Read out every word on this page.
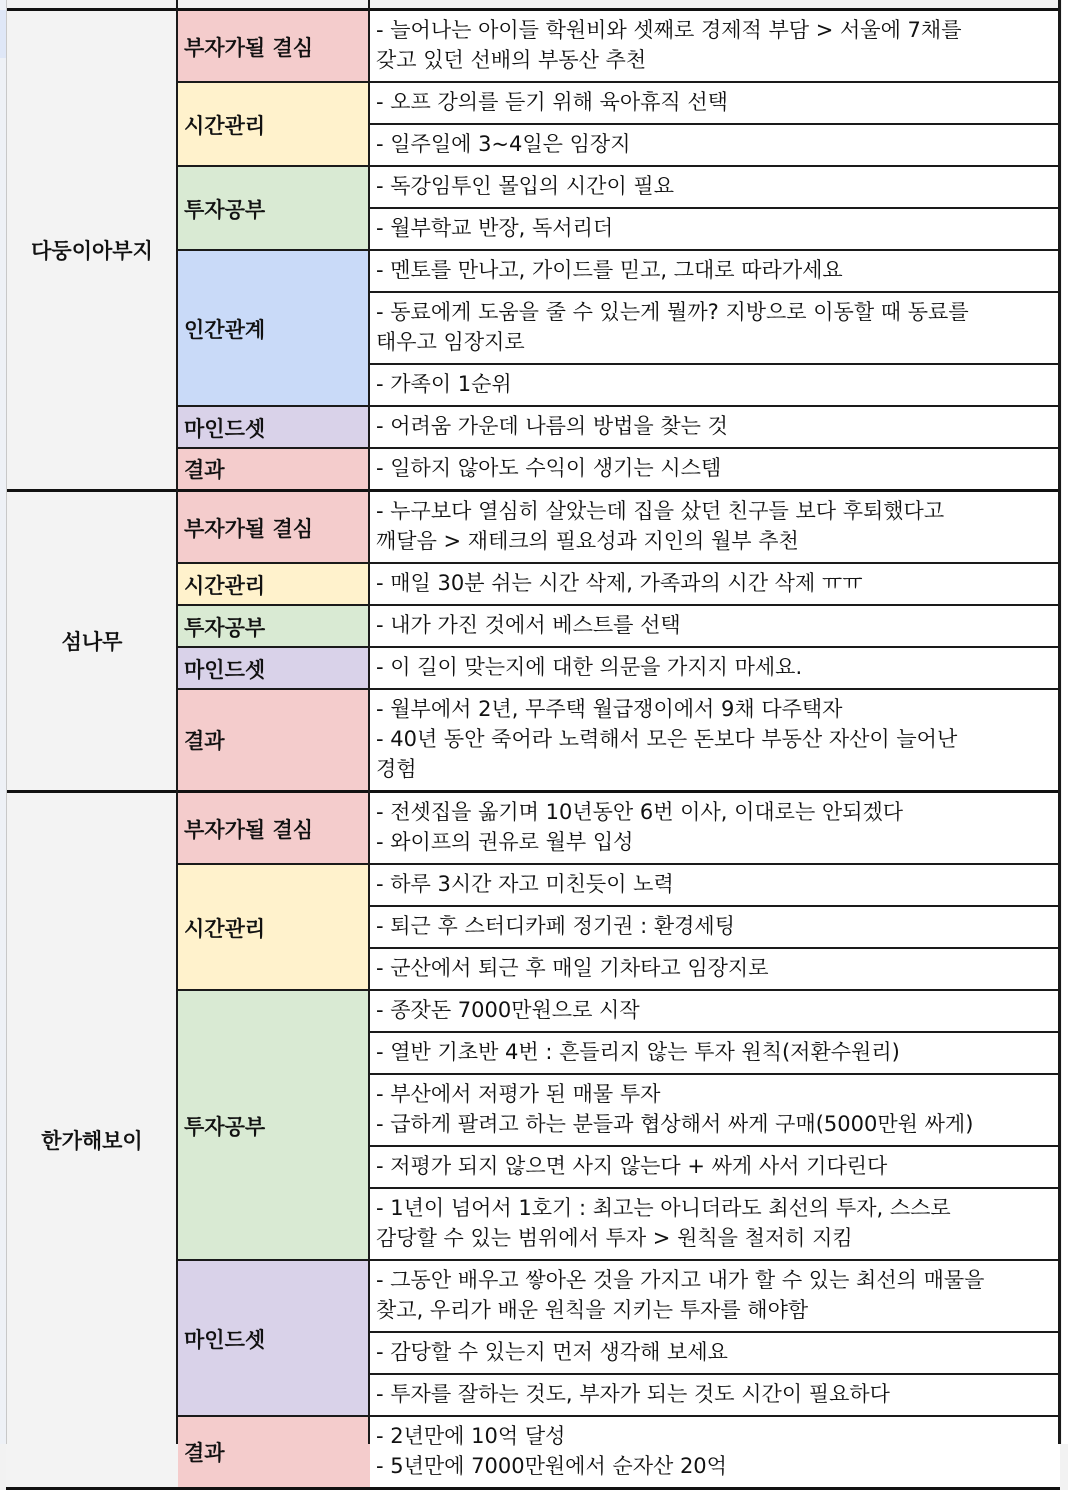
- 늘어나는 아이들 학원비와 셋째로 경제적 부담 > 서울에 7채를
갖고 있던 선배의 부동산 추천
부자가될 결심
- 오프 강의를 듣기 위해 육아휴직 선택
- 일주일에 3~4일은 임장지
시간관리
- 독강임투인 몰입의 시간이 필요
- 월부학교 반장, 독서리더
투자공부
- 멘토를 만나고, 가이드를 믿고, 그대로 따라가세요
- 동료에게 도움을 줄 수 있는게 뭘까? 지방으로 이동할 때 동료를
태우고 임장지로
- 가족이 1순위
인간관계
- 어려움 가운데 나름의 방법을 찾는 것
마인드셋
- 일하지 않아도 수익이 생기는 시스템
결과
다둥이아부지
- 누구보다 열심히 살았는데 집을 샀던 친구들 보다 후퇴했다고
깨달음 > 재테크의 필요성과 지인의 월부 추천
부자가될 결심
- 매일 30분 쉬는 시간 삭제, 가족과의 시간 삭제 ㅠㅠ
시간관리
- 내가 가진 것에서 베스트를 선택
투자공부
- 이 길이 맞는지에 대한 의문을 가지지 마세요.
마인드셋
- 월부에서 2년, 무주택 월급쟁이에서 9채 다주택자
- 40년 동안 죽어라 노력해서 모은 돈보다 부동산 자산이 늘어난
경험
결과
섬나무
- 전셋집을 옮기며 10년동안 6번 이사, 이대로는 안되겠다
- 와이프의 권유로 월부 입성
부자가될 결심
- 하루 3시간 자고 미친듯이 노력
- 퇴근 후 스터디카페 정기권 : 환경세팅
- 군산에서 퇴근 후 매일 기차타고 임장지로
시간관리
- 종잣돈 7000만원으로 시작
- 열반 기초반 4번 : 흔들리지 않는 투자 원칙(저환수원리)
- 부산에서 저평가 된 매물 투자
- 급하게 팔려고 하는 분들과 협상해서 싸게 구매(5000만원 싸게)
- 저평가 되지 않으면 사지 않는다 + 싸게 사서 기다린다
- 1년이 넘어서 1호기 : 최고는 아니더라도 최선의 투자, 스스로
감당할 수 있는 범위에서 투자 > 원칙을 철저히 지킴
투자공부
- 그동안 배우고 쌓아온 것을 가지고 내가 할 수 있는 최선의 매물을
찾고, 우리가 배운 원칙을 지키는 투자를 해야함
- 감당할 수 있는지 먼저 생각해 보세요
- 투자를 잘하는 것도, 부자가 되는 것도 시간이 필요하다
마인드셋
- 2년만에 10억 달성
- 5년만에 7000만원에서 순자산 20억
결과
한가해보이
